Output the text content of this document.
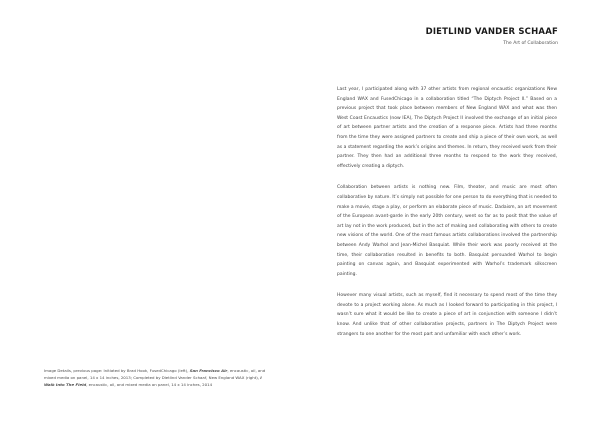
DIETLIND VANDER SCHAAF

The Art of Collaboration

Last year, I participated along with 37 other artists from regional encaustic organizations New England WAX and FusedChicago in a collaboration titled “The Diptych Project II.” Based on a previous project that took place between members of New England WAX and what was then West Coast Encaustics (now IEA), The Diptych Project II involved the exchange of an initial piece of art between partner artists and the creation of a response piece. Artists had three months from the time they were assigned partners to create and ship a piece of their own work, as well as a statement regarding the work’s origins and themes. In return, they received work from their partner. They then had an additional three months to respond to the work they received, effectively creating a diptych.

Collaboration between artists is nothing new. Film, theater, and music are most often collaborative by nature. It’s simply not possible for one person to do everything that is needed to make a movie, stage a play, or perform an elaborate piece of music. Dadaism, an art movement of the European avant-garde in the early 20th century, went so far as to posit that the value of art lay not in the work produced, but in the act of making and collaborating with others to create new visions of the world. One of the most famous artists collaborations involved the partnership between Andy Warhol and Jean-Michel Basquiat. While their work was poorly received at the time, their collaboration resulted in benefits to both. Basquiat persuaded Warhol to begin painting on canvas again, and Basquiat experimented with Warhol’s trademark silkscreen painting.

However many visual artists, such as myself, find it necessary to spend most of the time they devote to a project working alone. As much as I looked forward to participating in this project, I wasn’t sure what it would be like to create a piece of art in conjunction with someone I didn’t know. And unlike that of other collaborative projects, partners in The Diptych Project were strangers to one another for the most part and unfamiliar with each other’s work.

Image Details, previous page: Initiated by Brad Hook, FusedChicago (left), San Francisco Air, encaustic, oil, and mixed media on panel, 14 x 14 inches, 2013; Completed by Dietlind Vander Schaaf, New England WAX (right), I Walk Into The Field, encaustic, oil, and mixed media on panel, 14 x 14 inches, 2014
